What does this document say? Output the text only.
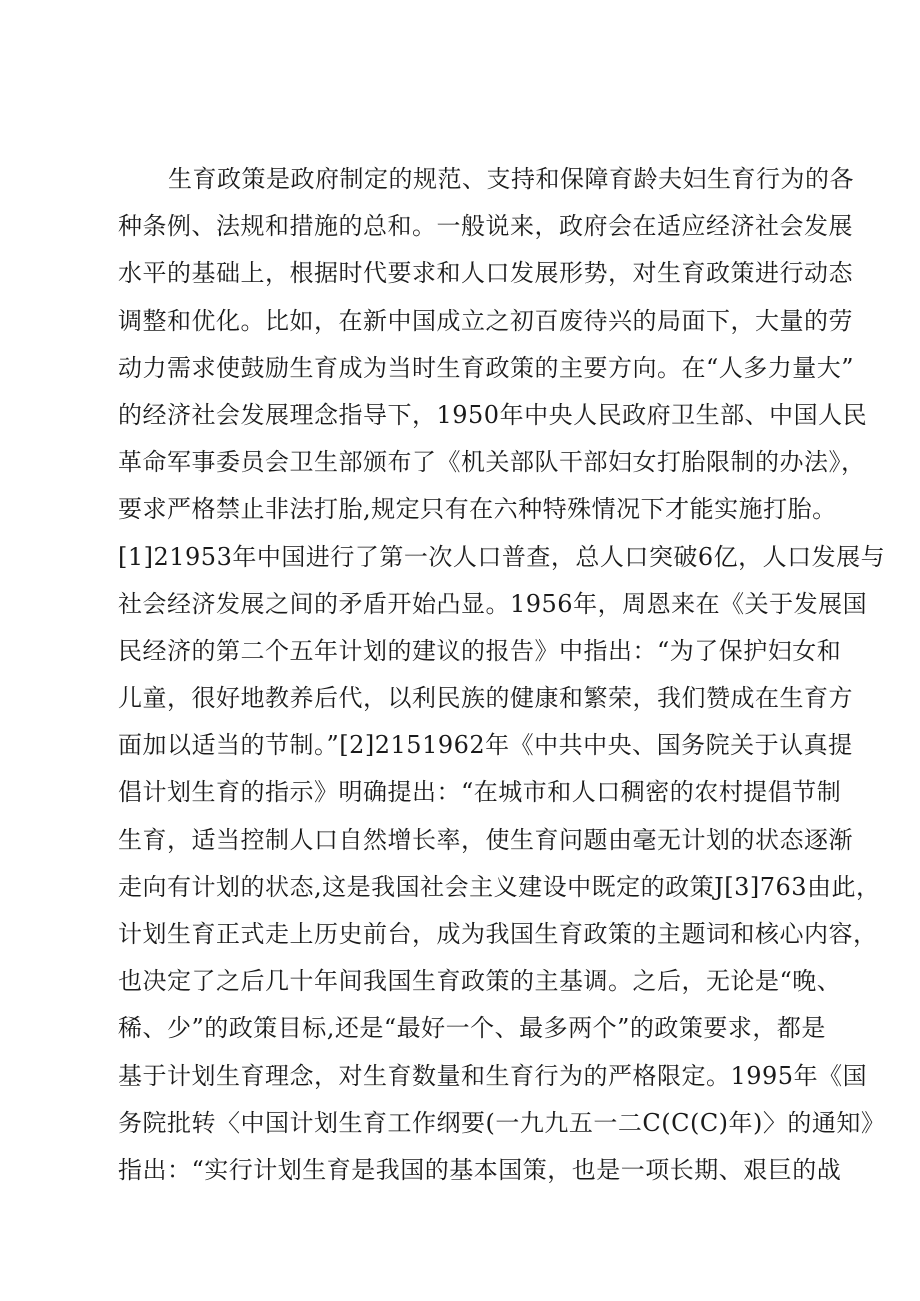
生育政策是政府制定的规范、支持和保障育龄夫妇生育行为的各
种条例、法规和措施的总和。一般说来，政府会在适应经济社会发展
水平的基础上，根据时代要求和人口发展形势，对生育政策进行动态
调整和优化。比如，在新中国成立之初百废待兴的局面下，大量的劳
动力需求使鼓励生育成为当时生育政策的主要方向。在“人多力量大”
的经济社会发展理念指导下，1950年中央人民政府卫生部、中国人民
革命军事委员会卫生部颁布了《机关部队干部妇女打胎限制的办法》，
要求严格禁止非法打胎,规定只有在六种特殊情况下才能实施打胎。
[1]21953年中国进行了第一次人口普查，总人口突破6亿，人口发展与
社会经济发展之间的矛盾开始凸显。1956年，周恩来在《关于发展国
民经济的第二个五年计划的建议的报告》中指出：“为了保护妇女和
儿童，很好地教养后代，以利民族的健康和繁荣，我们赞成在生育方
面加以适当的节制。”[2]2151962年《中共中央、国务院关于认真提
倡计划生育的指示》明确提出：“在城市和人口稠密的农村提倡节制
生育，适当控制人口自然增长率，使生育问题由毫无计划的状态逐渐
走向有计划的状态,这是我国社会主义建设中既定的政策J[3]763由此，
计划生育正式走上历史前台，成为我国生育政策的主题词和核心内容，
也决定了之后几十年间我国生育政策的主基调。之后，无论是“晚、
稀、少”的政策目标,还是“最好一个、最多两个”的政策要求，都是
基于计划生育理念，对生育数量和生育行为的严格限定。1995年《国
务院批转〈中国计划生育工作纲要(一九九五一二C(C(C)年)〉的通知》
指出：“实行计划生育是我国的基本国策，也是一项长期、艰巨的战
